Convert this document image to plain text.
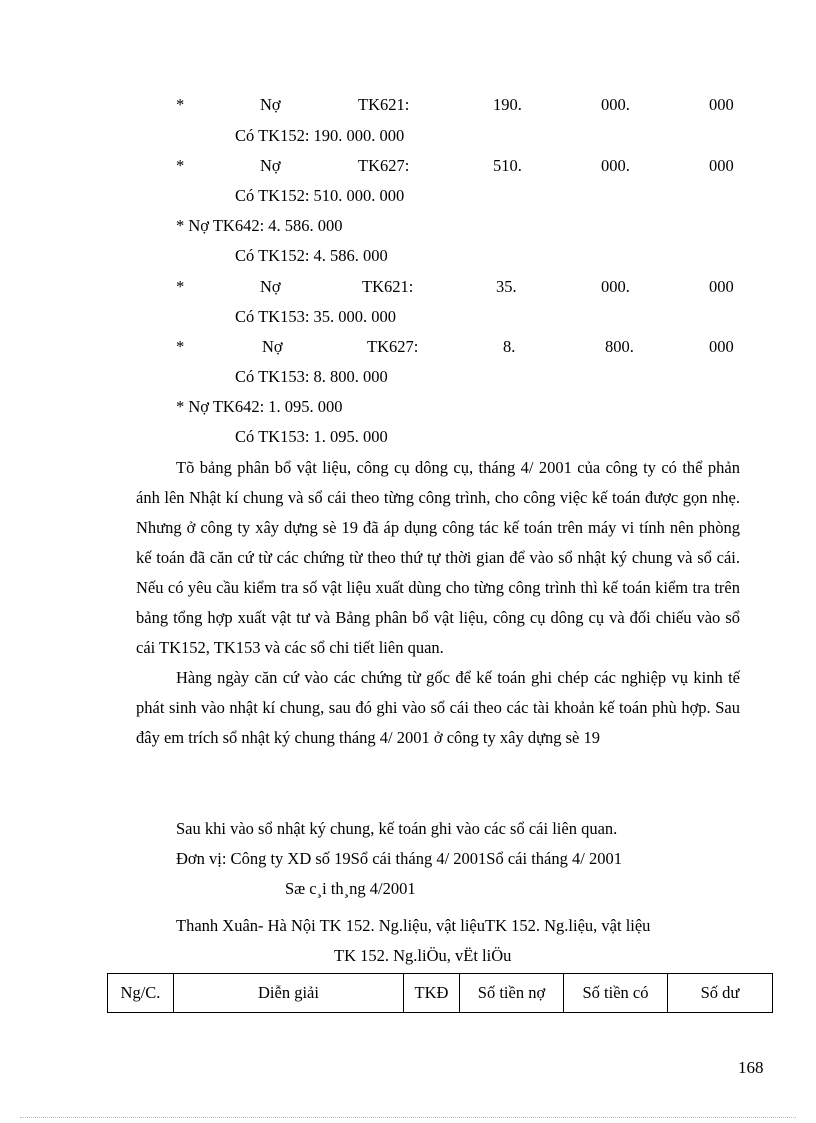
*	Nợ	TK621:	190.	000.	000
Có TK152: 190. 000. 000
*	Nợ	TK627:	510.	000.	000
Có TK152: 510. 000. 000
* Nợ TK642: 4. 586. 000
Có TK152: 4. 586. 000
*	Nợ	TK621:	35.	000.	000
Có TK153: 35. 000. 000
*	Nợ	TK627:	8.	800.	000
Có TK153: 8. 800. 000
* Nợ TK642: 1. 095. 000
Có TK153: 1. 095. 000

Tõ bảng phân bổ vật liệu, công cụ dông cụ, tháng 4/ 2001 của công ty có thể phản ánh lên Nhật kí chung và sổ cái theo từng công trình, cho công việc kế toán được gọn nhẹ. Nhưng ở công ty xây dựng sè 19 đã áp dụng công tác kế toán trên máy vi tính nên phòng kế toán đã căn cứ từ các chứng từ theo thứ tự thời gian để vào sổ nhật ký chung và sổ cái. Nếu có yêu cầu kiểm tra số vật liệu xuất dùng cho từng công trình thì kế toán kiểm tra trên bảng tổng hợp xuất vật tư và Bảng phân bổ vật liệu, công cụ dông cụ và đối chiếu vào sổ cái TK152, TK153 và các sổ chi tiết liên quan.

Hàng ngày căn cứ vào các chứng từ gốc để kế toán ghi chép các nghiệp vụ kinh tế phát sinh vào nhật kí chung, sau đó ghi vào sổ cái theo các tài khoản kế toán phù hợp. Sau đây em trích sổ nhật ký chung tháng 4/ 2001 ở công ty xây dựng sè 19

Sau khi vào sổ nhật ký chung, kế toán ghi vào các sổ cái liên quan.
Đơn vị: Công ty XD số 19Sổ cái tháng 4/ 2001Sổ cái tháng 4/ 2001
Sæ c¸i th¸ng 4/2001
Thanh Xuân- Hà Nội TK 152. Ng.liệu, vật liệuTK 152. Ng.liệu, vật liệu
TK 152. Ng.liÖu, vËt liÖu
Ng/C.	Diễn giải	TKĐ	Số tiền nợ	Số tiền có	Số dư
168
